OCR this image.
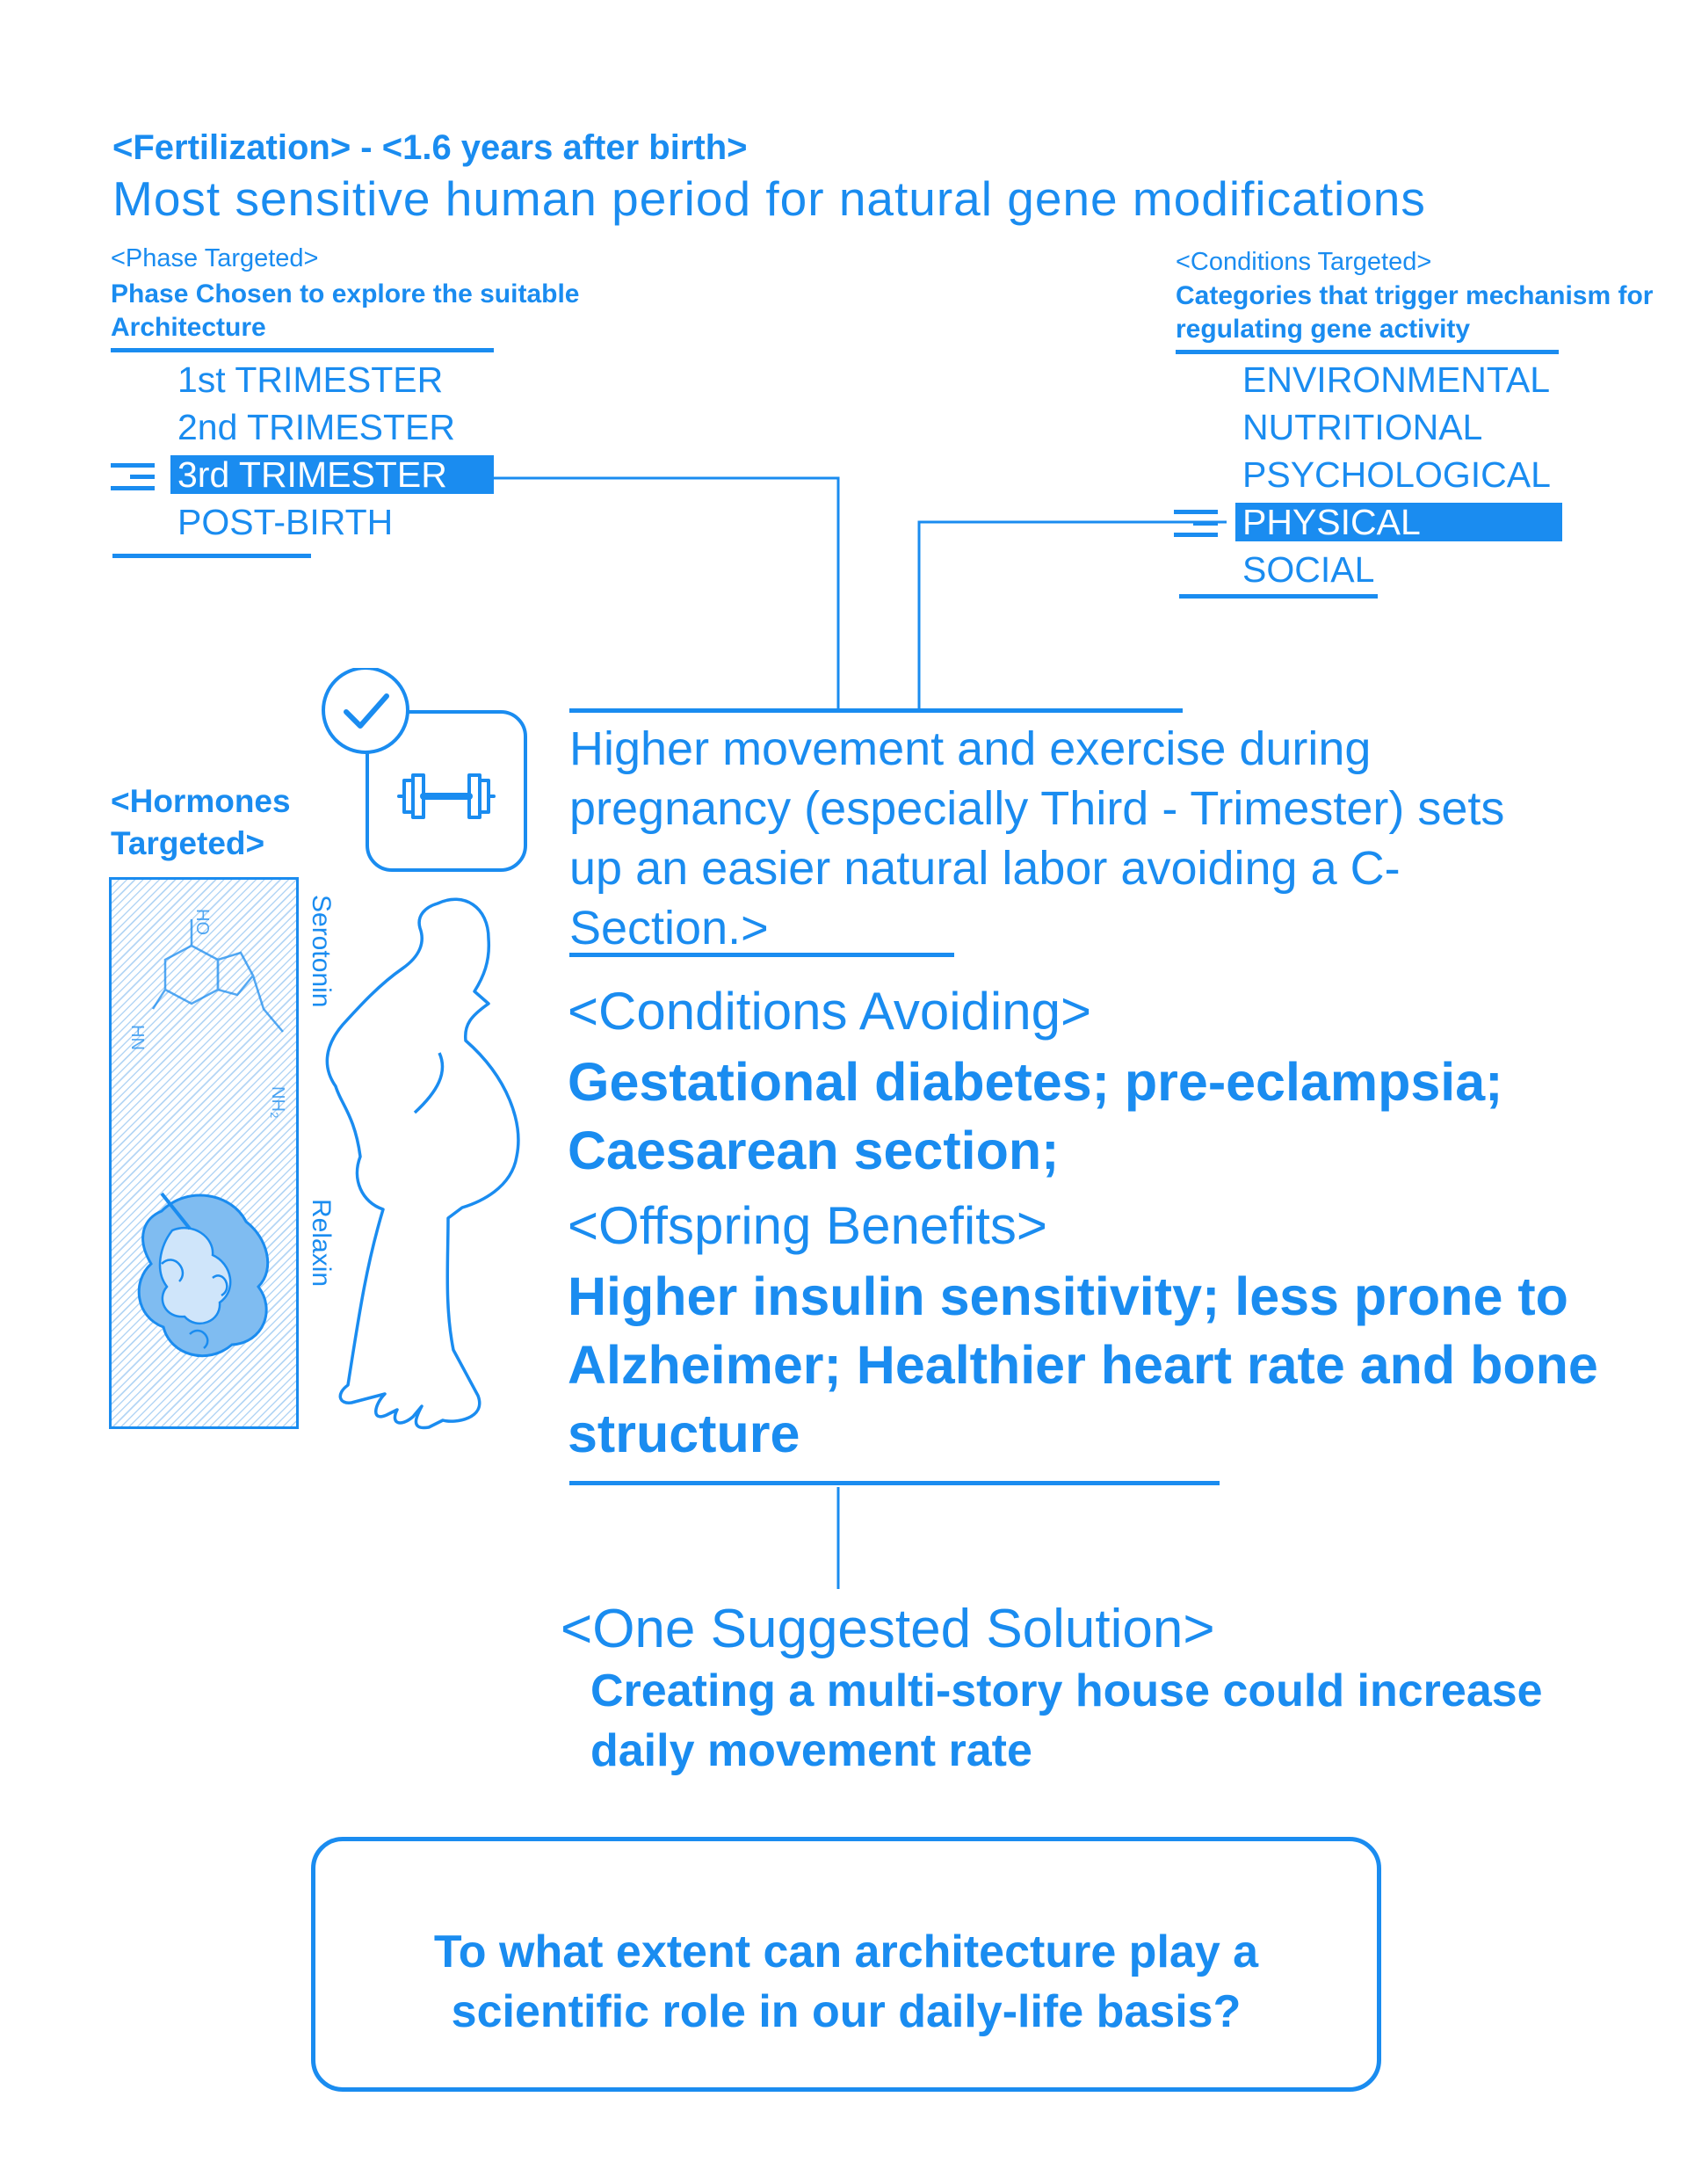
<Fertilization> - <1.6 years after birth>
Most sensitive human period for natural gene modifications
<Phase Targeted>
Phase Chosen to explore the suitable Architecture
1st TRIMESTER
2nd TRIMESTER
3rd TRIMESTER
POST-BIRTH
<Conditions Targeted>
Categories that trigger mechanism for regulating gene activity
ENVIRONMENTAL
NUTRITIONAL
PSYCHOLOGICAL
PHYSICAL
SOCIAL
<Hormones Targeted>
HO
NH₂
HN
Serotonin
Relaxin
Higher movement and exercise during pregnancy (especially Third - Trimester) sets up an easier natural labor avoiding a C-Section.>
<Conditions Avoiding>
Gestational diabetes; pre-eclampsia; Caesarean section;
<Offspring Benefits>
Higher insulin sensitivity; less prone to Alzheimer; Healthier heart rate and bone structure
<One Suggested Solution>
Creating a multi-story house could increase daily movement rate
To what extent can architecture play a scientific role in our daily-life basis?
